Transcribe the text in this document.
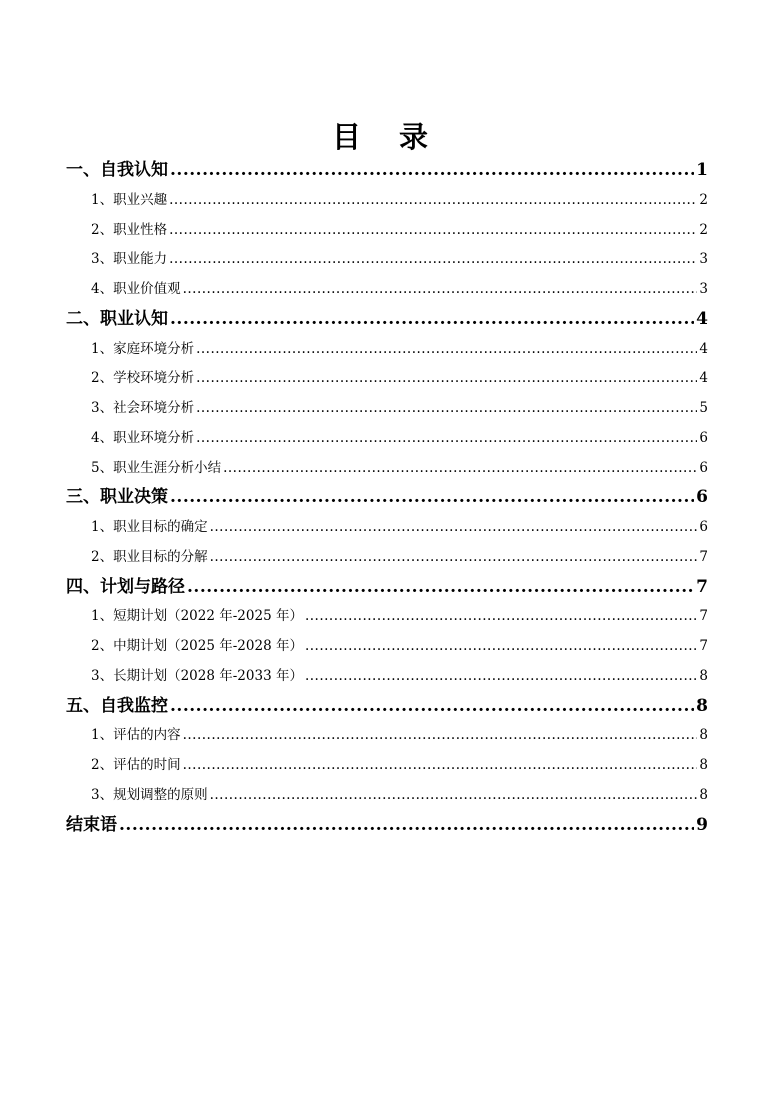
目 录
一、自我认知 .....	1
1、职业兴趣 .....	2
2、职业性格 .....	2
3、职业能力 .....	3
4、职业价值观 .....	3
二、职业认知 .....	4
1、家庭环境分析 .....	4
2、学校环境分析 .....	4
3、社会环境分析 .....	5
4、职业环境分析 .....	6
5、职业生涯分析小结 .....	6
三、职业决策 .....	6
1、职业目标的确定 .....	6
2、职业目标的分解 .....	7
四、计划与路径 .....	7
1、短期计划（2022 年-2025 年） .....	7
2、中期计划（2025 年-2028 年） .....	7
3、长期计划（2028 年-2033 年） .....	8
五、自我监控 .....	8
1、评估的内容 .....	8
2、评估的时间 .....	8
3、规划调整的原则 .....	8
结束语 .....	9
